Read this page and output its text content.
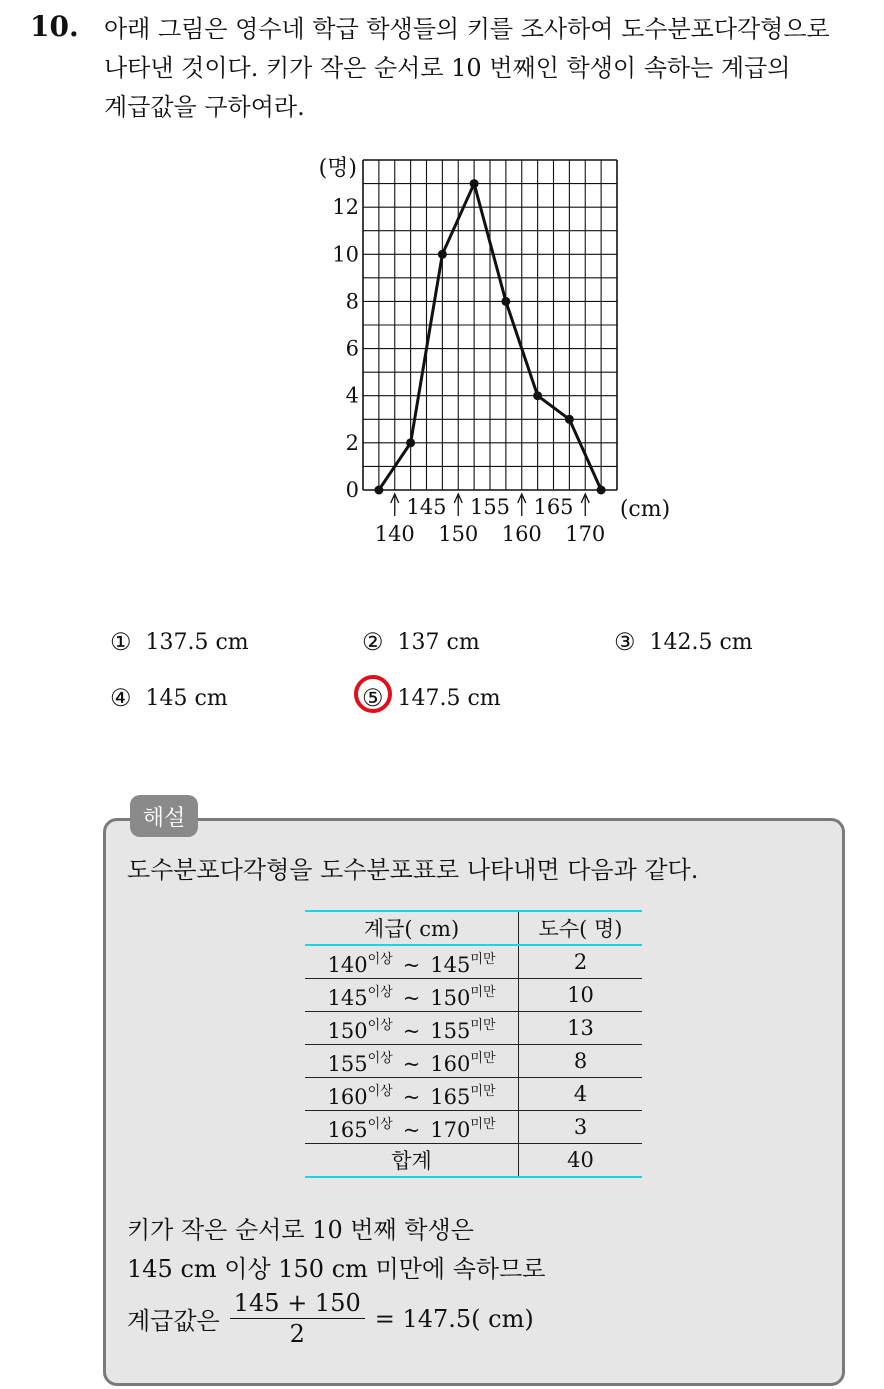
10. 아래 그림은 영수네 학급 학생들의 키를 조사하여 도수분포다각형으로
나타낸 것이다. 키가 작은 순서로 10 번째인 학생이 속하는 계급의
계급값을 구하여라.
0
2
4
6
8
10
12
(명)
145 155 165
140 150 160 170
(cm)
① 137.5 cm	② 137 cm	③ 142.5 cm
④ 145 cm	⑤ 147.5 cm
해설
도수분포다각형을 도수분포표로 나타내면 다음과 같다.
계급( cm)	도수( 명)
$140^{이상}$ ~ $145^{미만}$	2
$145^{이상}$ ~ $150^{미만}$	10
$150^{이상}$ ~ $155^{미만}$	13
$155^{이상}$ ~ $160^{미만}$	8
$160^{이상}$ ~ $165^{미만}$	4
$165^{이상}$ ~ $170^{미만}$	3
합계	40
키가 작은 순서로 10 번째 학생은
145 cm 이상 150 cm 미만에 속하므로
계급값은 $\frac{145 + 150}{2} = 147.5$( cm)
